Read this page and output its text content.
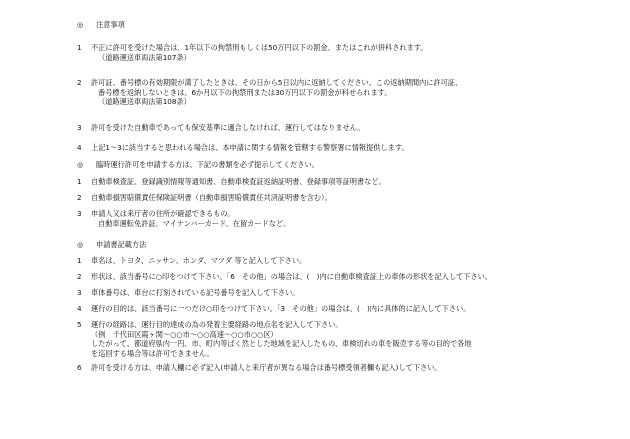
◎ 注意事項
1 不正に許可を受けた場合は、1年以下の拘禁刑もしくは50万円以下の罰金、またはこれが併科されます。
（道路運送車両法第107条）
2 許可証、番号標の有効期限が満了したときは、その日から5日以内に返納してください。この返納期間内に許可証、
番号標を返納しないときは、6か月以下の拘禁刑または30万円以下の罰金が科せられます。
（道路運送車両法第108条）
3 許可を受けた自動車であっても保安基準に適合しなければ、運行してはなりません。
4 上記1～3に該当すると思われる場合は、本申請に関する情報を管轄する警察署に情報提供します。
◎ 臨時運行許可を申請する方は、下記の書類を必ず提示してください。
1 自動車検査証、登録識別情報等通知書、自動車検査証返納証明書、登録事項等証明書など。
2 自動車損害賠償責任保険証明書（自動車損害賠償責任共済証明書を含む）。
3 申請人又は来庁者の住所が確認できるもの。
自動車運転免許証、マイナンバーカード、在留カードなど。
◎ 申請書記載方法
1 車名は、トヨタ、ニッサン、ホンダ、マツダ 等と記入して下さい。
2 形状は、該当番号に○印をつけて下さい。「6　その他」の場合は、(　)内に自動車検査証上の車体の形状を記入して下さい。
3 車体番号は、車台に打刻されている記号番号を記入して下さい。
4 運行の目的は、該当番号に一つだけ○印をつけて下さい。「3　その他」の場合は、(　)内に具体的に記入して下さい。
5 運行の経路は、運行目的達成の為の発着主要経路の地点名を記入して下さい。
（例　千代田区霞ヶ関～○○市～○○高速～○○市○○区）
したがって、都道府県内一円、市、町内等ばく然とした地域を記入したもの、車検切れの車を販売する等の目的で各地
を巡回する場合等は許可できません。
6 許可を受ける方は、申請人欄に必ず記入(申請人と来庁者が異なる場合は番号標受領者欄も記入)して下さい。
